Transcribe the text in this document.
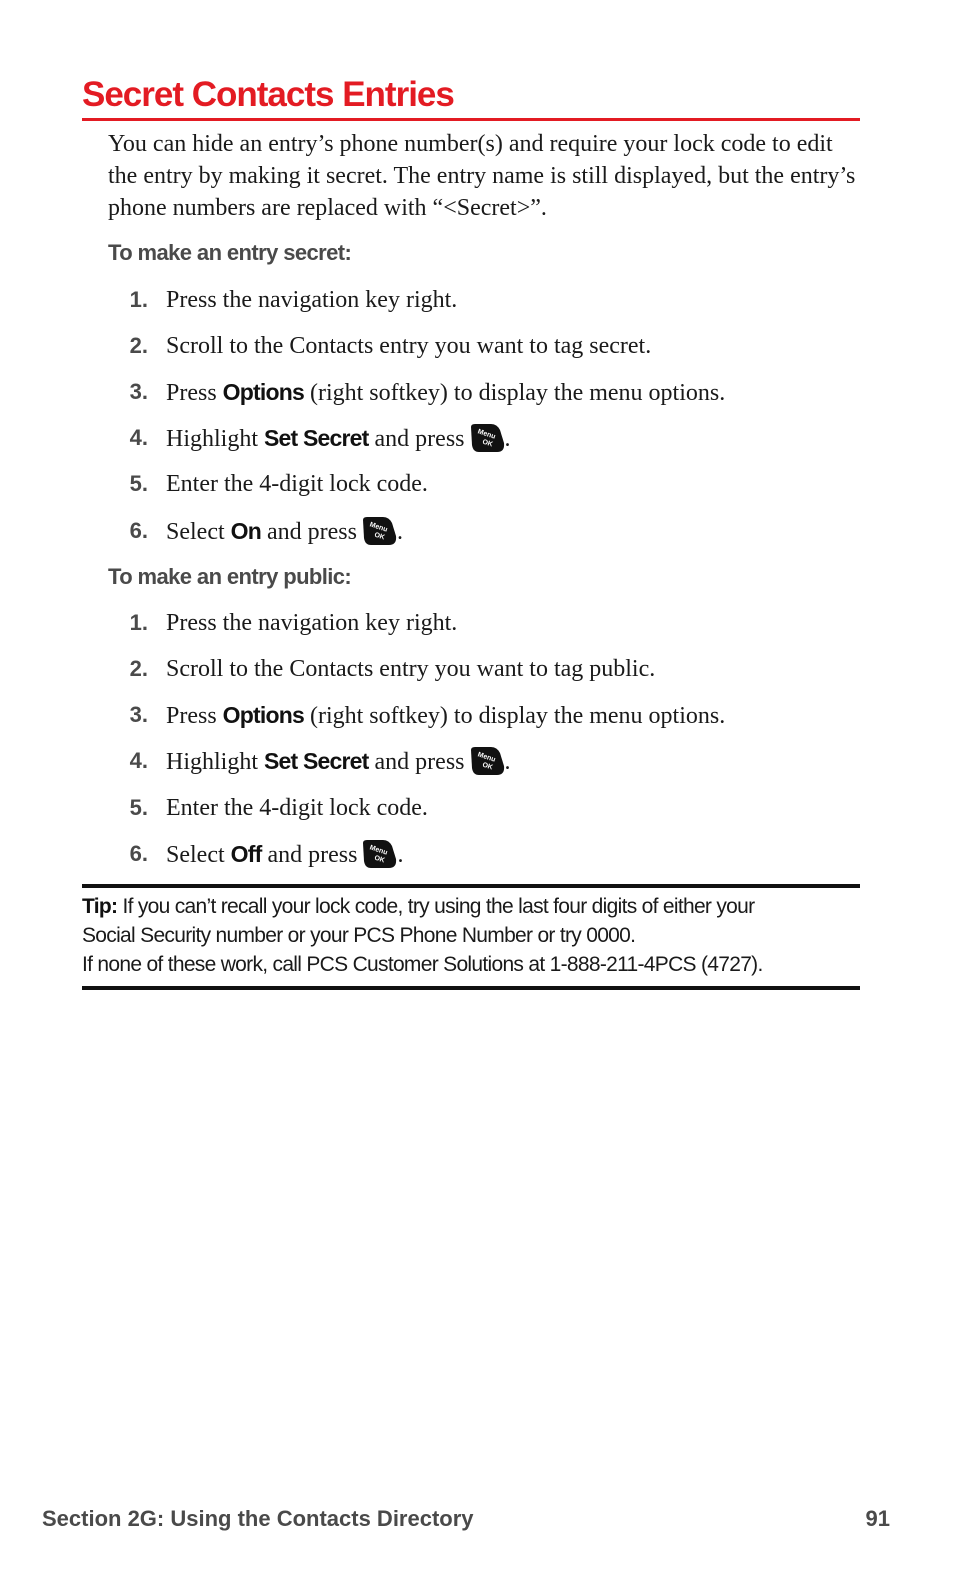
Secret Contacts Entries
You can hide an entry’s phone number(s) and require your lock code to edit the entry by making it secret. The entry name is still displayed, but the entry’s phone numbers are replaced with “<Secret>”.
To make an entry secret:
1. Press the navigation key right.
2. Scroll to the Contacts entry you want to tag secret.
3. Press Options (right softkey) to display the menu options.
4. Highlight Set Secret and press Menu
OK .
5. Enter the 4-digit lock code.
6. Select On and press Menu
OK .
To make an entry public:
1. Press the navigation key right.
2. Scroll to the Contacts entry you want to tag public.
3. Press Options (right softkey) to display the menu options.
4. Highlight Set Secret and press Menu
OK .
5. Enter the 4-digit lock code.
6. Select Off and press Menu
OK .
Tip: If you can’t recall your lock code, try using the last four digits of either your
Social Security number or your PCS Phone Number or try 0000.
If none of these work, call PCS Customer Solutions at 1-888-211-4PCS (4727).
Section 2G: Using the Contacts Directory	91
